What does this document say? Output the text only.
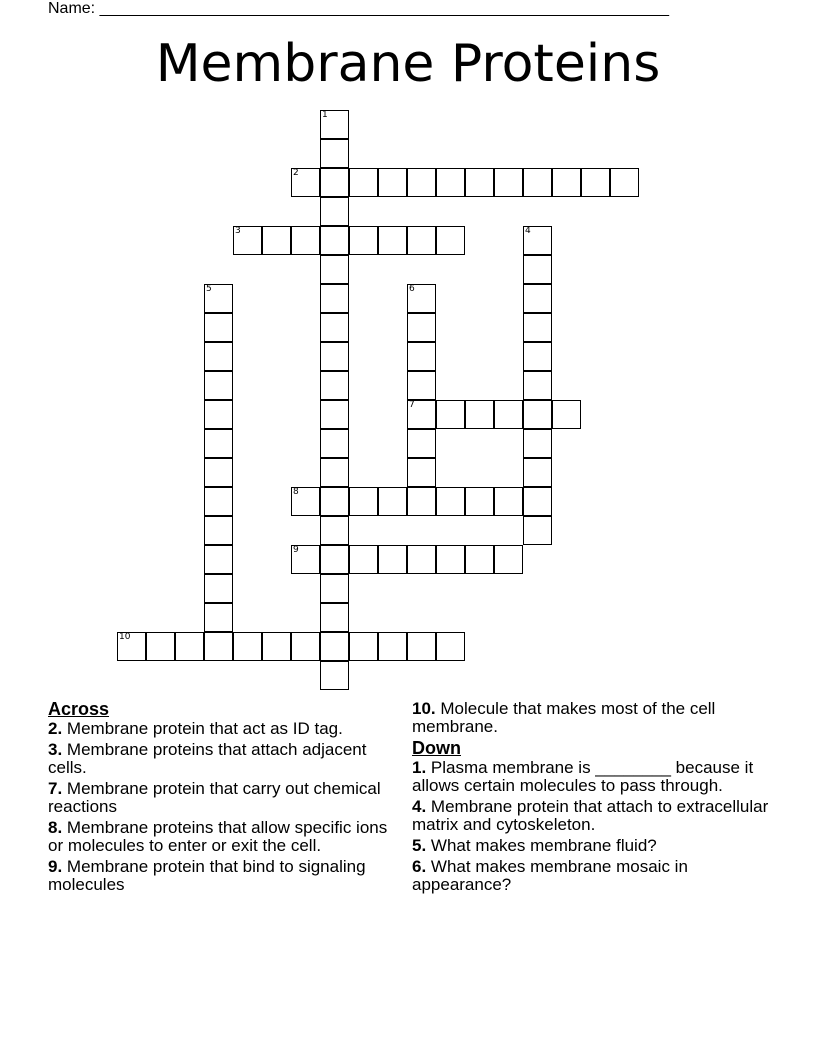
Name: ________________________________________________________________
Membrane Proteins
1
2
3	4
5	6
7
8
9
10
Across
2. Membrane protein that act as ID tag.
3. Membrane proteins that attach adjacent cells.
7. Membrane protein that carry out chemical reactions
8. Membrane proteins that allow specific ions or molecules to enter or exit the cell.
9. Membrane protein that bind to signaling molecules
10. Molecule that makes most of the cell membrane.
Down
1. Plasma membrane is ________ because it allows certain molecules to pass through.
4. Membrane protein that attach to extracellular matrix and cytoskeleton.
5. What makes membrane fluid?
6. What makes membrane mosaic in appearance?
